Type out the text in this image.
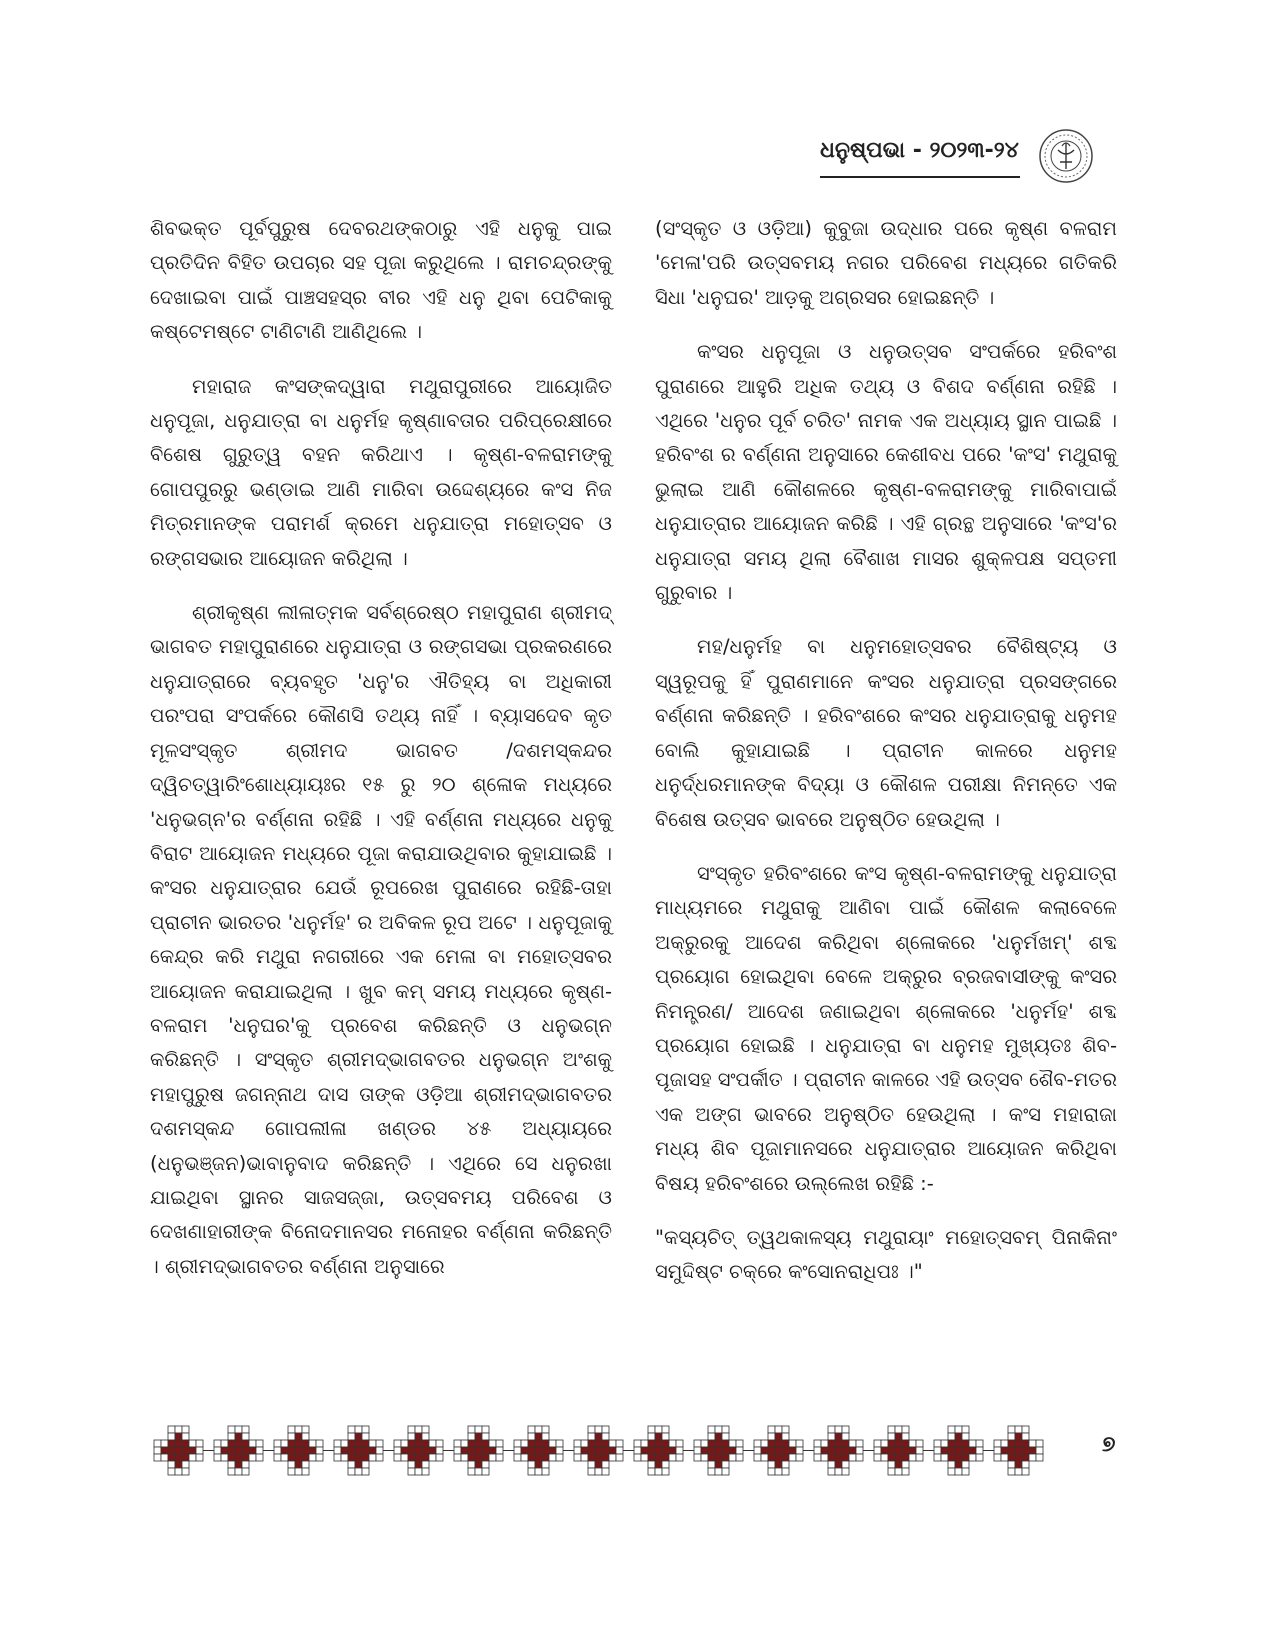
ଧନୁଷ୍ପଭା - ୨୦୨୩-୨୪

ଶିବଭକ୍ତ ପୂର୍ବପୁରୁଷ ଦେବରଥଙ୍କଠାରୁ ଏହି ଧନୁକୁ ପାଇ ପ୍ରତିଦିନ ବିହିତ ଉପଚାର ସହ ପୂଜା କରୁଥିଲେ । ରାମଚନ୍ଦ୍ରଙ୍କୁ ଦେଖାଇବା ପାଇଁ ପାଞ୍ଚସହସ୍ର ବୀର ଏହି ଧନୁ ଥିବା ପେଟିକାକୁ କଷ୍ଟେମଷ୍ଟେ ଟାଣିଟାଣି ଆଣିଥିଲେ ।

ମହାରାଜ କଂସଙ୍କଦ୍ୱାରା ମଥୁରାପୁରୀରେ ଆୟୋଜିତ ଧନୁପୂଜା, ଧନୁଯାତ୍ରା ବା ଧନୁର୍ମହ କୃଷ୍ଣାବତାର ପରିପ୍ରେକ୍ଷୀରେ ବିଶେଷ ଗୁରୁତ୍ୱ ବହନ କରିଥାଏ । କୃଷ୍ଣ-ବଳରାମଙ୍କୁ ଗୋପପୁରରୁ ଭଣ୍ଡାଇ ଆଣି ମାରିବା ଉଦ୍ଦେଶ୍ୟରେ କଂସ ନିଜ ମିତ୍ରମାନଙ୍କ ପରାମର୍ଶ କ୍ରମେ ଧନୁଯାତ୍ରା ମହୋତ୍ସବ ଓ ରଙ୍ଗସଭାର ଆୟୋଜନ କରିଥିଲା ।

ଶ୍ରୀକୃଷ୍ଣ ଲୀଳାତ୍ମକ ସର୍ବଶ୍ରେଷ୍ଠ ମହାପୁରାଣ ଶ୍ରୀମଦ୍ ଭାଗବତ ମହାପୁରାଣରେ ଧନୁଯାତ୍ରା ଓ ରଙ୍ଗସଭା ପ୍ରକରଣରେ ଧନୁଯାତ୍ରାରେ ବ୍ୟବହୃତ 'ଧନୁ'ର ଐତିହ୍ୟ ବା ଅଧିକାରୀ ପରଂପରା ସଂପର୍କରେ କୌଣସି ତଥ୍ୟ ନାହିଁ । ବ୍ୟାସଦେବ କୃତ ମୂଳସଂସ୍କୃତ ଶ୍ରୀମଦ ଭାଗବତ /ଦଶମସ୍କନ୍ଦର ଦ୍ୱିଚତ୍ୱାରିଂଶୋଧ୍ୟାୟଃର ୧୫ ରୁ ୨୦ ଶ୍ଳୋକ ମଧ୍ୟରେ 'ଧନୁଭଗ୍ନ'ର ବର୍ଣ୍ଣନା ରହିଛି । ଏହି ବର୍ଣ୍ଣନା ମଧ୍ୟରେ ଧନୁକୁ ବିରାଟ ଆୟୋଜନ ମଧ୍ୟରେ ପୂଜା କରାଯାଉଥିବାର କୁହାଯାଇଛି । କଂସର ଧନୁଯାତ୍ରାର ଯେଉଁ ରୂପରେଖ ପୁରାଣରେ ରହିଛି-ତାହା ପ୍ରାଚୀନ ଭାରତର 'ଧନୁର୍ମହ' ର ଅବିକଳ ରୂପ ଅଟେ । ଧନୁପୂଜାକୁ କେନ୍ଦ୍ର କରି ମଥୁରା ନଗରୀରେ ଏକ ମେଳା ବା ମହୋତ୍ସବର ଆୟୋଜନ କରାଯାଇଥିଲା । ଖୁବ କମ୍ ସମୟ ମଧ୍ୟରେ କୃଷ୍ଣ-ବଳରାମ 'ଧନୁଘର'କୁ ପ୍ରବେଶ କରିଛନ୍ତି ଓ ଧନୁଭଗ୍ନ କରିଛନ୍ତି । ସଂସ୍କୃତ ଶ୍ରୀମଦ୍‌ଭାଗବତର ଧନୁଭଗ୍ନ ଅଂଶକୁ ମହାପୁରୁଷ ଜଗନ୍ନାଥ ଦାସ ତାଙ୍କ ଓଡ଼ିଆ ଶ୍ରୀମଦ୍‌ଭାଗବତର ଦଶମସ୍କନ୍ଦ ଗୋପଲୀଳା ଖଣ୍ଡର ୪୫ ଅଧ୍ୟାୟରେ (ଧନୁଭଞ୍ଜନ)ଭାବାନୁବାଦ କରିଛନ୍ତି । ଏଥିରେ ସେ ଧନୁରଖା ଯାଇଥିବା ସ୍ଥାନର ସାଜସଜ୍ଜା, ଉତ୍ସବମୟ ପରିବେଶ ଓ ଦେଖଣାହାରୀଙ୍କ ବିନୋଦମାନସର ମନୋହର ବର୍ଣ୍ଣନା କରିଛନ୍ତି । ଶ୍ରୀମଦ୍‌ଭାଗବତର ବର୍ଣ୍ଣନା ଅନୁସାରେ

(ସଂସ୍କୃତ ଓ ଓଡ଼ିଆ) କୁବୁଜା ଉଦ୍ଧାର ପରେ କୃଷ୍ଣ ବଳରାମ 'ମେଳା'ପରି ଉତ୍ସବମୟ ନଗର ପରିବେଶ ମଧ୍ୟରେ ଗତିକରି ସିଧା 'ଧନୁଘର' ଆଡ଼କୁ ଅଗ୍ରସର ହୋଇଛନ୍ତି ।

କଂସର ଧନୁପୂଜା ଓ ଧନୁଉତ୍ସବ ସଂପର୍କରେ ହରିବଂଶ ପୁରାଣରେ ଆହୁରି ଅଧିକ ତଥ୍ୟ ଓ ବିଶଦ ବର୍ଣ୍ଣନା ରହିଛି । ଏଥିରେ 'ଧନୁର ପୂର୍ବ ଚରିତ' ନାମକ ଏକ ଅଧ୍ୟାୟ ସ୍ଥାନ ପାଇଛି । ହରିବଂଶ ର ବର୍ଣ୍ଣନା ଅନୁସାରେ କେଶୀବଧ ପରେ 'କଂସ' ମଥୁରାକୁ ଭୁଲାଇ ଆଣି କୌଶଳରେ କୃଷ୍ଣ-ବଳରାମଙ୍କୁ ମାରିବାପାଇଁ ଧନୁଯାତ୍ରାର ଆୟୋଜନ କରିଛି । ଏହି ଗ୍ରନ୍ଥ ଅନୁସାରେ 'କଂସ'ର ଧନୁଯାତ୍ରା ସମୟ ଥିଲା ବୈଶାଖ ମାସର ଶୁକ୍ଳପକ୍ଷ ସପ୍ତମୀ ଗୁରୁବାର ।

ମହ/ଧନୁର୍ମହ ବା ଧନୁମହୋତ୍ସବର ବୈଶିଷ୍ଟ୍ୟ ଓ ସ୍ୱରୂପକୁ ହିଁ ପୁରାଣମାନେ କଂସର ଧନୁଯାତ୍ରା ପ୍ରସଙ୍ଗରେ ବର୍ଣ୍ଣନା କରିଛନ୍ତି । ହରିବଂଶରେ କଂସର ଧନୁଯାତ୍ରାକୁ ଧନୁମହ ବୋଲି କୁହାଯାଇଛି । ପ୍ରାଚୀନ କାଳରେ ଧନୁମହ ଧନୁର୍ଦ୍ଧରମାନଙ୍କ ବିଦ୍ୟା ଓ କୌଶଳ ପରୀକ୍ଷା ନିମନ୍ତେ ଏକ ବିଶେଷ ଉତ୍ସବ ଭାବରେ ଅନୁଷ୍ଠିତ ହେଉଥିଲା ।

ସଂସ୍କୃତ ହରିବଂଶରେ କଂସ କୃଷ୍ଣ-ବଳରାମଙ୍କୁ ଧନୁଯାତ୍ରା ମାଧ୍ୟମରେ ମଥୁରାକୁ ଆଣିବା ପାଇଁ କୌଶଳ କଲାବେଳେ ଅକ୍ରୁରକୁ ଆଦେଶ କରିଥିବା ଶ୍ଳୋକରେ 'ଧନୁର୍ମଖମ୍' ଶବ୍ଦ ପ୍ରୟୋଗ ହୋଇଥିବା ବେଳେ ଅକ୍ରୁର ବ୍ରଜବାସୀଙ୍କୁ କଂସର ନିମନ୍ତ୍ରଣ/ ଆଦେଶ ଜଣାଇଥିବା ଶ୍ଳୋକରେ 'ଧନୁର୍ମହ' ଶବ୍ଦ ପ୍ରୟୋଗ ହୋଇଛି । ଧନୁଯାତ୍ରା ବା ଧନୁମହ ମୁଖ୍ୟତଃ ଶିବ-ପୂଜାସହ ସଂପର୍କୀତ । ପ୍ରାଚୀନ କାଳରେ ଏହି ଉତ୍ସବ ଶୈବ-ମତର ଏକ ଅଙ୍ଗ ଭାବରେ ଅନୁଷ୍ଠିତ ହେଉଥିଲା । କଂସ ମହାରାଜା ମଧ୍ୟ ଶିବ ପୂଜାମାନସରେ ଧନୁଯାତ୍ରାର ଆୟୋଜନ କରିଥିବା ବିଷୟ ହରିବଂଶରେ ଉଲ୍ଲେଖ ରହିଛି :-

"କସ୍ୟଚିତ୍ ତ୍ୱଥକାଳସ୍ୟ ମଥୁରାୟାଂ ମହୋତ୍ସବମ୍ ପିନାକିନାଂ ସମୁଦ୍ଦିଷ୍ଟ ଚକ୍ରେ କଂସୋନରାଧିପଃ ।"

୭
